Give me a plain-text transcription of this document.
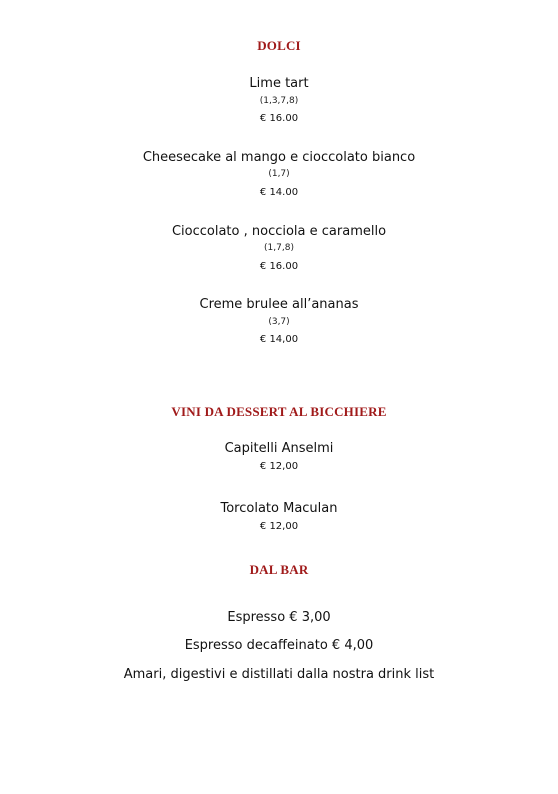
DOLCI
Lime tart
(1,3,7,8)
€ 16.00
Cheesecake al mango e cioccolato bianco
(1,7)
€ 14.00
Cioccolato , nocciola e caramello
(1,7,8)
€ 16.00
Creme brulee all’ananas
(3,7)
€ 14,00
VINI DA DESSERT AL BICCHIERE
Capitelli Anselmi
€ 12,00
Torcolato Maculan
€ 12,00
DAL BAR
Espresso € 3,00
Espresso decaffeinato € 4,00
Amari, digestivi e distillati dalla nostra drink list
